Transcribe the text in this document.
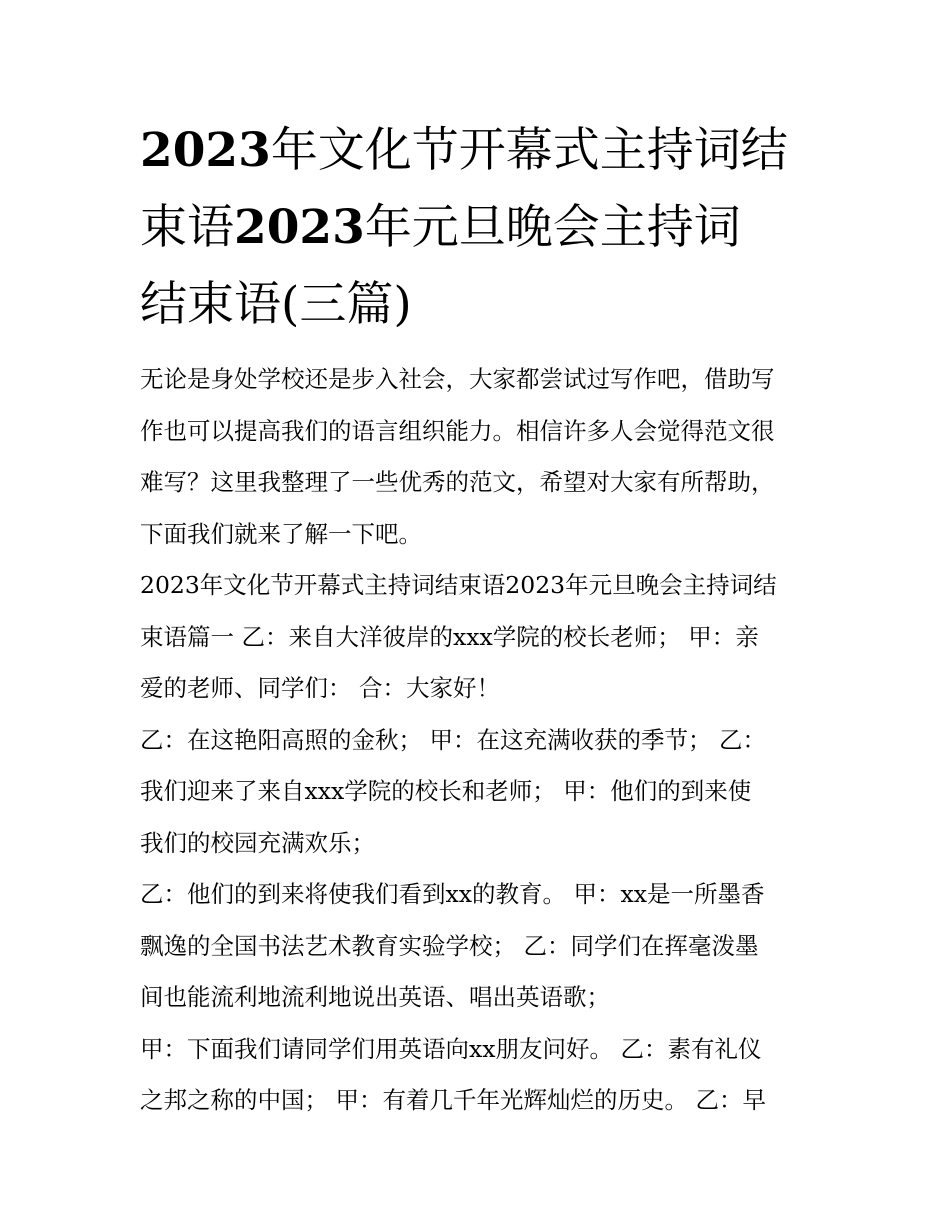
2023年文化节开幕式主持词结
束语2023年元旦晚会主持词
结束语(三篇)
无论是身处学校还是步入社会，大家都尝试过写作吧，借助写
作也可以提高我们的语言组织能力。相信许多人会觉得范文很
难写？这里我整理了一些优秀的范文，希望对大家有所帮助，
下面我们就来了解一下吧。
2023年文化节开幕式主持词结束语2023年元旦晚会主持词结
束语篇一 乙：来自大洋彼岸的xxx学院的校长老师； 甲：亲
爱的老师、同学们： 合：大家好！
乙：在这艳阳高照的金秋； 甲：在这充满收获的季节； 乙：
我们迎来了来自xxx学院的校长和老师； 甲：他们的到来使
我们的校园充满欢乐；
乙：他们的到来将使我们看到xx的教育。 甲：xx是一所墨香
飘逸的全国书法艺术教育实验学校； 乙：同学们在挥毫泼墨
间也能流利地流利地说出英语、唱出英语歌；
甲：下面我们请同学们用英语向xx朋友问好。 乙：素有礼仪
之邦之称的中国； 甲：有着几千年光辉灿烂的历史。 乙：早
